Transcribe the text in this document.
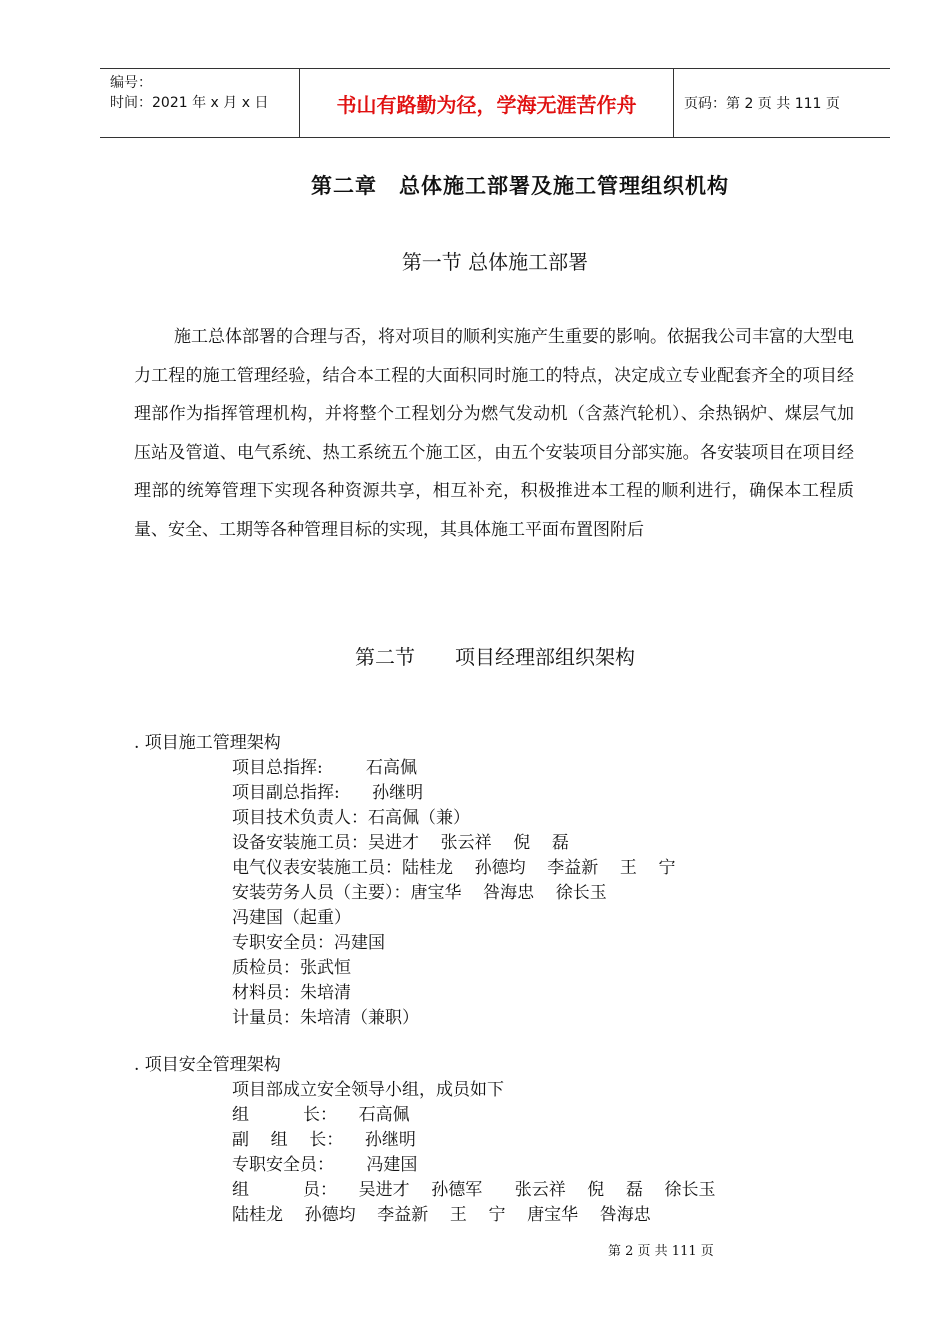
编号：
时间：2021 年 x 月 x 日	书山有路勤为径，学海无涯苦作舟	页码：第 2 页 共 111 页
第二章　总体施工部署及施工管理组织机构
第一节 总体施工部署
施工总体部署的合理与否，将对项目的顺利实施产生重要的影响。依据我公司丰富的大型电力工程的施工管理经验，结合本工程的大面积同时施工的特点，决定成立专业配套齐全的项目经理部作为指挥管理机构，并将整个工程划分为燃气发动机（含蒸汽轮机）、余热锅炉、煤层气加压站及管道、电气系统、热工系统五个施工区，由五个安装项目分部实施。各安装项目在项目经理部的统筹管理下实现各种资源共享，相互补充，积极推进本工程的顺利进行，确保本工程质量、安全、工期等各种管理目标的实现，其具体施工平面布置图附后
第二节 项目经理部组织架构
. 项目施工管理架构
项目总指挥:        石高佩
项目副总指挥:      孙继明
项目技术负责人：石高佩（兼）
设备安装施工员：吴进才    张云祥    倪    磊
电气仪表安装施工员：陆桂龙    孙德均    李益新    王    宁
安装劳务人员（主要）：唐宝华    咎海忠    徐长玉
冯建国（起重）
专职安全员：冯建国
质检员：张武恒
材料员：朱培清
计量员：朱培清（兼职）
. 项目安全管理架构
项目部成立安全领导小组，成员如下
组          长：    石高佩
副    组    长：    孙继明
专职安全员：      冯建国
组          员：    吴进才    孙德军      张云祥    倪    磊    徐长玉
陆桂龙    孙德均    李益新    王    宁    唐宝华    咎海忠
第 2 页 共 111 页
